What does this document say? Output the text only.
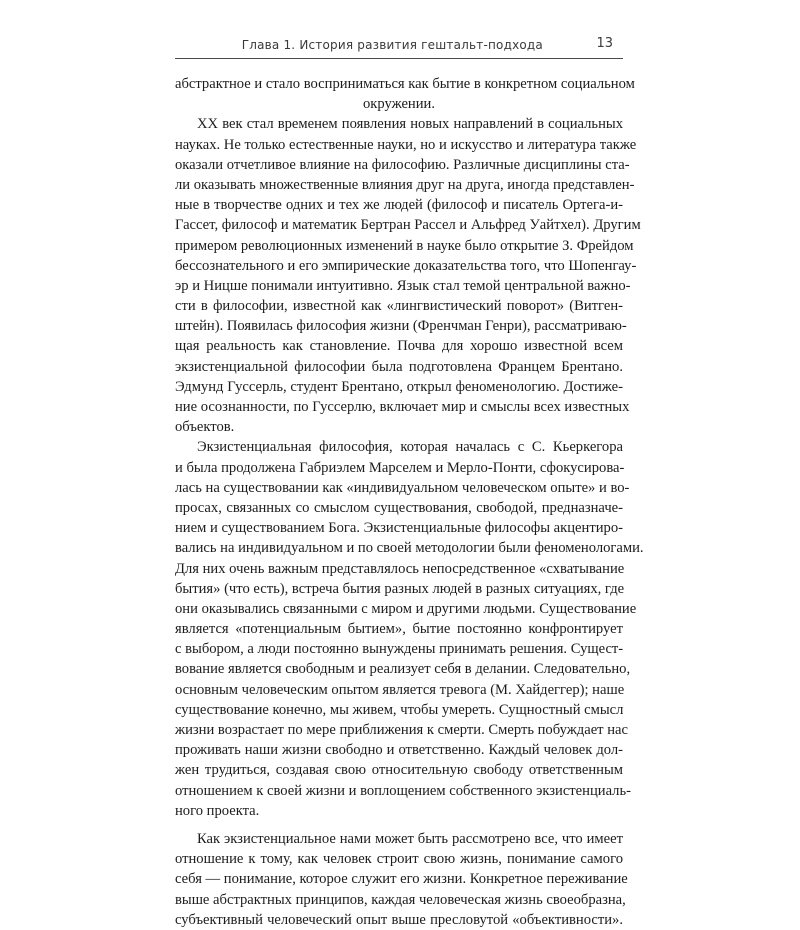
Глава 1. История развития гештальт-подхода	13
абстрактное и стало восприниматься как бытие в конкретном социальном
окружении.
XX век стал временем появления новых направлений в социальных
науках. Не только естественные науки, но и искусство и литература также
оказали отчетливое влияние на философию. Различные дисциплины ста-
ли оказывать множественные влияния друг на друга, иногда представлен-
ные в творчестве одних и тех же людей (философ и писатель Ортега-и-
Гассет, философ и математик Бертран Рассел и Альфред Уайтхел). Другим
примером революционных изменений в науке было открытие З. Фрейдом
бессознательного и его эмпирические доказательства того, что Шопенгау-
эр и Ницше понимали интуитивно. Язык стал темой центральной важно-
сти в философии, известной как «лингвистический поворот» (Витген-
штейн). Появилась философия жизни (Френчман Генри), рассматриваю-
щая реальность как становление. Почва для хорошо известной всем
экзистенциальной философии была подготовлена Францем Брентано.
Эдмунд Гуссерль, студент Брентано, открыл феноменологию. Достиже-
ние осознанности, по Гуссерлю, включает мир и смыслы всех известных
объектов.
Экзистенциальная философия, которая началась с С. Кьеркегора
и была продолжена Габриэлем Марселем и Мерло-Понти, сфокусирова-
лась на существовании как «индивидуальном человеческом опыте» и во-
просах, связанных со смыслом существования, свободой, предназначе-
нием и существованием Бога. Экзистенциальные философы акцентиро-
вались на индивидуальном и по своей методологии были феноменологами.
Для них очень важным представлялось непосредственное «схватывание
бытия» (что есть), встреча бытия разных людей в разных ситуациях, где
они оказывались связанными с миром и другими людьми. Существование
является «потенциальным бытием», бытие постоянно конфронтирует
с выбором, а люди постоянно вынуждены принимать решения. Сущест-
вование является свободным и реализует себя в делании. Следовательно,
основным человеческим опытом является тревога (М. Хайдеггер); наше
существование конечно, мы живем, чтобы умереть. Сущностный смысл
жизни возрастает по мере приближения к смерти. Смерть побуждает нас
проживать наши жизни свободно и ответственно. Каждый человек дол-
жен трудиться, создавая свою относительную свободу ответственным
отношением к своей жизни и воплощением собственного экзистенциаль-
ного проекта.
Как экзистенциальное нами может быть рассмотрено все, что имеет
отношение к тому, как человек строит свою жизнь, понимание самого
себя — понимание, которое служит его жизни. Конкретное переживание
выше абстрактных принципов, каждая человеческая жизнь своеобразна,
субъективный человеческий опыт выше пресловутой «объективности».
